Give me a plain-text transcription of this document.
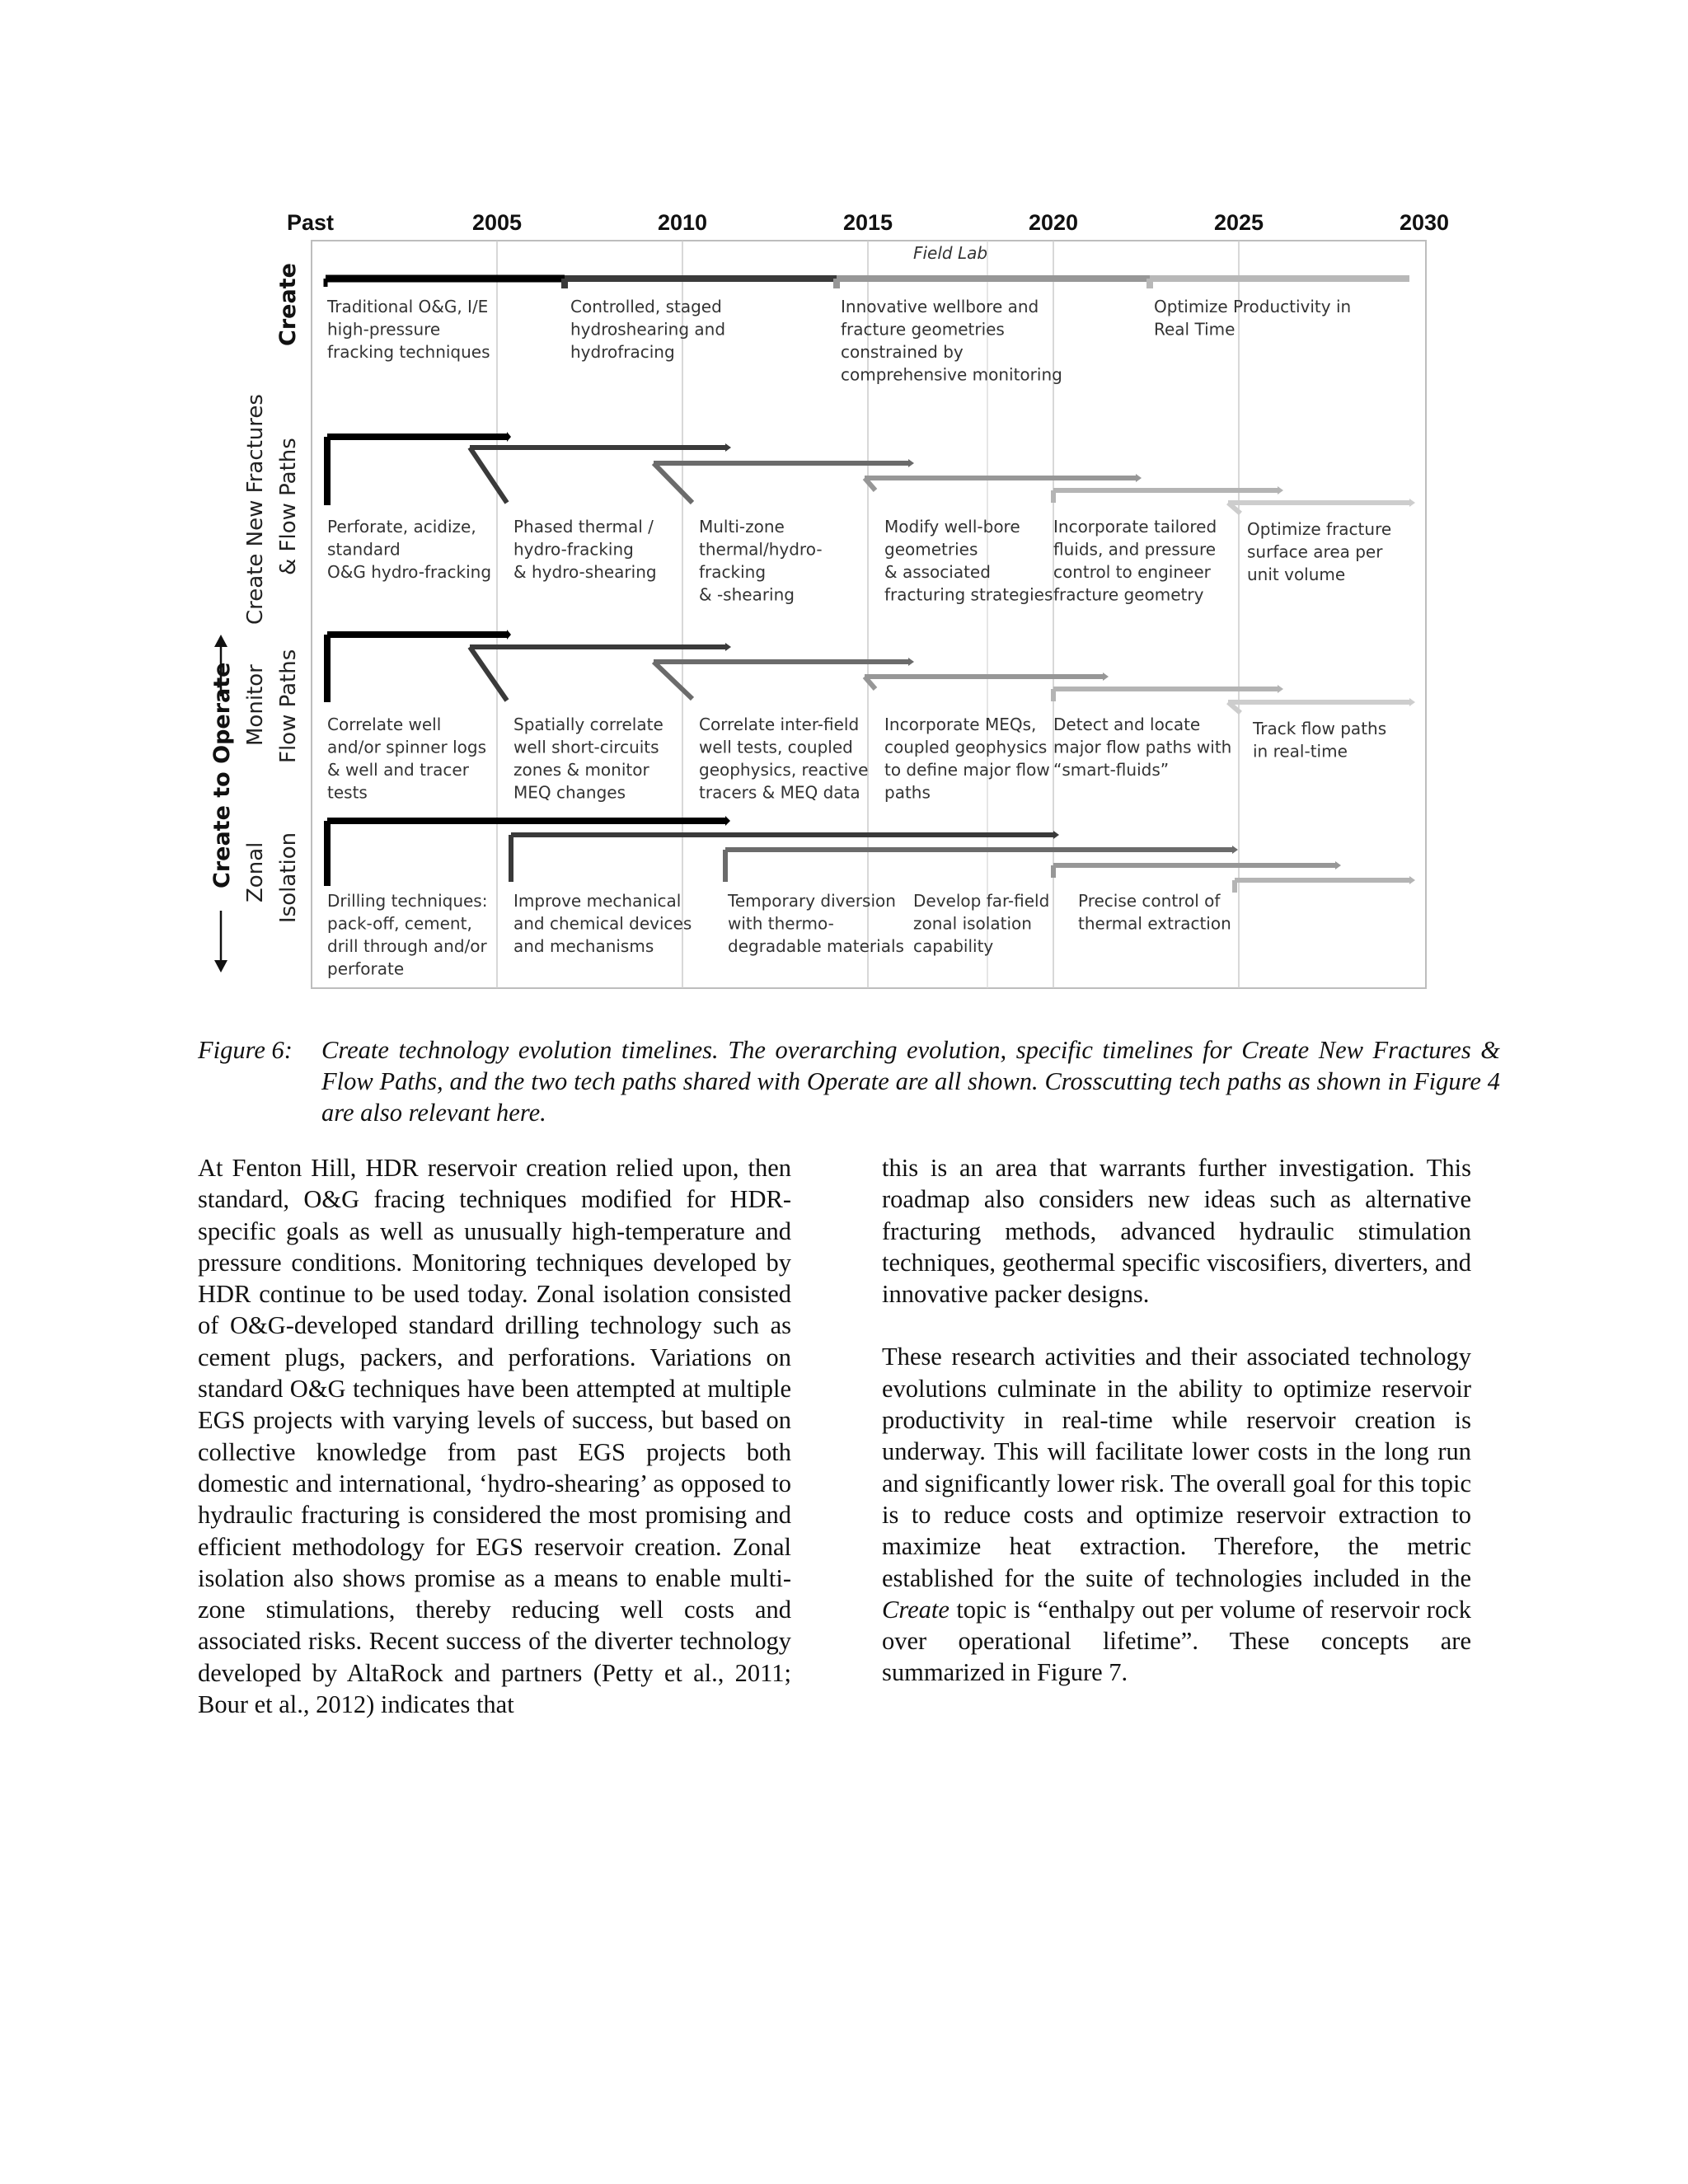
Past	2005	2010	2015	2020	2025	2030
Field Lab
Create
Create New Fractures & Flow Paths
Monitor Flow Paths
Zonal Isolation
Create to Operate
Traditional O&G, I/E high-pressure fracking techniques
Controlled, staged hydroshearing and hydrofracing
Innovative wellbore and fracture geometries constrained by comprehensive monitoring
Optimize Productivity in Real Time
Perforate, acidize, standard O&G hydro-fracking
Phased thermal / hydro-fracking & hydro-shearing
Multi-zone thermal/hydro-fracking & -shearing
Modify well-bore geometries & associated fracturing strategies
Incorporate tailored fluids, and pressure control to engineer fracture geometry
Optimize fracture surface area per unit volume
Correlate well and/or spinner logs & well and tracer tests
Spatially correlate well short-circuits zones & monitor MEQ changes
Correlate inter-field well tests, coupled geophysics, reactive tracers & MEQ data
Incorporate MEQs, coupled geophysics to define major flow paths
Detect and locate major flow paths with “smart-fluids”
Track flow paths in real-time
Drilling techniques: pack-off, cement, drill through and/or perforate
Improve mechanical and chemical devices and mechanisms
Temporary diversion with thermo-degradable materials
Develop far-field zonal isolation capability
Precise control of thermal extraction
Figure 6:	Create technology evolution timelines. The overarching evolution, specific timelines for Create New Fractures & Flow Paths, and the two tech paths shared with Operate are all shown. Crosscutting tech paths as shown in Figure 4 are also relevant here.

At Fenton Hill, HDR reservoir creation relied upon, then standard, O&G fracing techniques modified for HDR-specific goals as well as unusually high-temperature and pressure conditions. Monitoring techniques developed by HDR continue to be used today. Zonal isolation consisted of O&G-developed standard drilling technology such as cement plugs, packers, and perforations. Variations on standard O&G techniques have been attempted at multiple EGS projects with varying levels of success, but based on collective knowledge from past EGS projects both domestic and international, ‘hydro-shearing’ as opposed to hydraulic fracturing is considered the most promising and efficient methodology for EGS reservoir creation. Zonal isolation also shows promise as a means to enable multi-zone stimulations, thereby reducing well costs and associated risks. Recent success of the diverter technology developed by AltaRock and partners (Petty et al., 2011; Bour et al., 2012) indicates that

this is an area that warrants further investigation. This roadmap also considers new ideas such as alternative fracturing methods, advanced hydraulic stimulation techniques, geothermal specific viscosifiers, diverters, and innovative packer designs.

These research activities and their associated technology evolutions culminate in the ability to optimize reservoir productivity in real-time while reservoir creation is underway. This will facilitate lower costs in the long run and significantly lower risk. The overall goal for this topic is to reduce costs and optimize reservoir extraction to maximize heat extraction. Therefore, the metric established for the suite of technologies included in the Create topic is “enthalpy out per volume of reservoir rock over operational lifetime”. These concepts are summarized in Figure 7.
